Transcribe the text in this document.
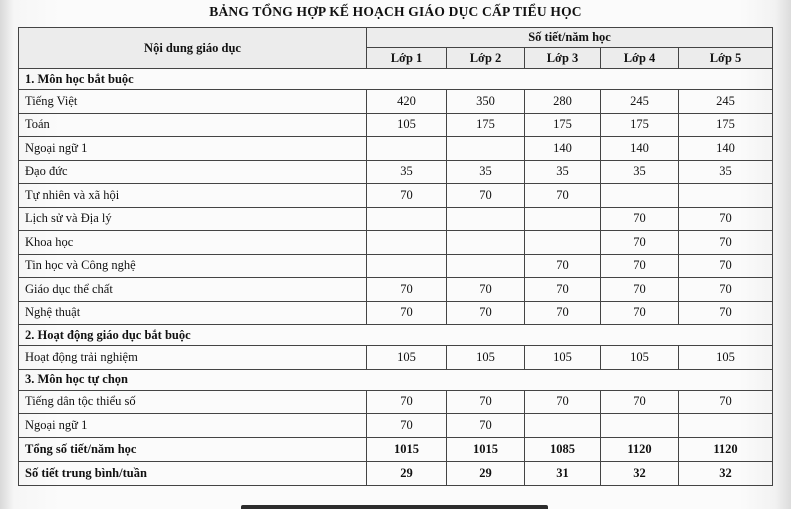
BẢNG TỔNG HỢP KẾ HOẠCH GIÁO DỤC CẤP TIỂU HỌC
Nội dung giáo dục	Số tiết/năm học				
	Lớp 1	Lớp 2	Lớp 3	Lớp 4	Lớp 5
1. Môn học bắt buộc					
Tiếng Việt	420	350	280	245	245
Toán	105	175	175	175	175
Ngoại ngữ 1			140	140	140
Đạo đức	35	35	35	35	35
Tự nhiên và xã hội	70	70	70		
Lịch sử và Địa lý				70	70
Khoa học				70	70
Tin học và Công nghệ			70	70	70
Giáo dục thể chất	70	70	70	70	70
Nghệ thuật	70	70	70	70	70
2. Hoạt động giáo dục bắt buộc					
Hoạt động trải nghiệm	105	105	105	105	105
3. Môn học tự chọn					
Tiếng dân tộc thiểu số	70	70	70	70	70
Ngoại ngữ 1	70	70			
Tổng số tiết/năm học	1015	1015	1085	1120	1120
Số tiết trung bình/tuần	29	29	31	32	32
